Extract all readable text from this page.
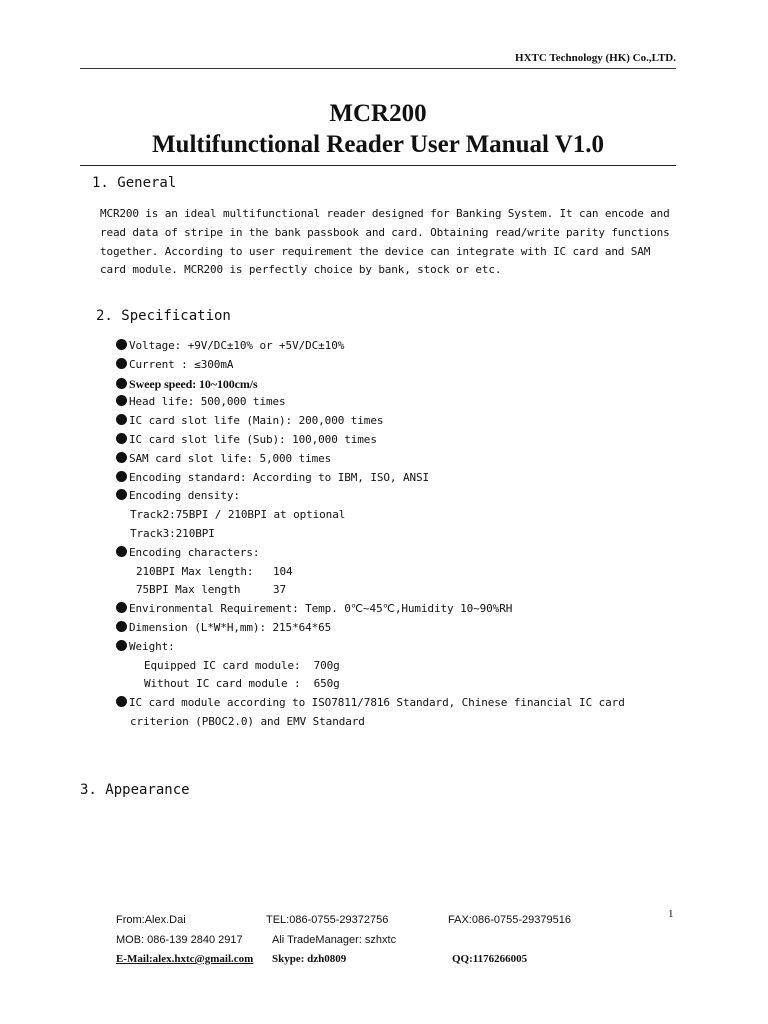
HXTC Technology (HK) Co.,LTD.
MCR200
Multifunctional Reader User Manual V1.0
1. General
MCR200 is an ideal multifunctional reader designed for Banking System. It can encode and
read data of stripe in the bank passbook and card. Obtaining read/write parity functions
together. According to user requirement the device can integrate with IC card and SAM
card module. MCR200 is perfectly choice by bank, stock or etc.
2. Specification
Voltage: +9V/DC±10% or +5V/DC±10%
Current : ≤300mA
Sweep speed: 10~100cm/s
Head life: 500,000 times
IC card slot life (Main): 200,000 times
IC card slot life (Sub): 100,000 times
SAM card slot life: 5,000 times
Encoding standard: According to IBM, ISO, ANSI
Encoding density:
Track2:75BPI / 210BPI at optional
Track3:210BPI
Encoding characters:
210BPI Max length:   104
75BPI Max length     37
Environmental Requirement: Temp. 0℃~45℃,Humidity 10~90%RH
Dimension (L*W*H,mm): 215*64*65
Weight:
Equipped IC card module:  700g
Without IC card module :  650g
IC card module according to ISO7811/7816 Standard, Chinese financial IC card
criterion (PBOC2.0) and EMV Standard
3. Appearance
1
From:Alex.Dai	TEL:086-0755-29372756	FAX:086-0755-29379516
MOB: 086-139 2840 2917	Ali TradeManager: szhxtc
E-Mail:alex.hxtc@gmail.com Skype: dzh0809	QQ:1176266005
